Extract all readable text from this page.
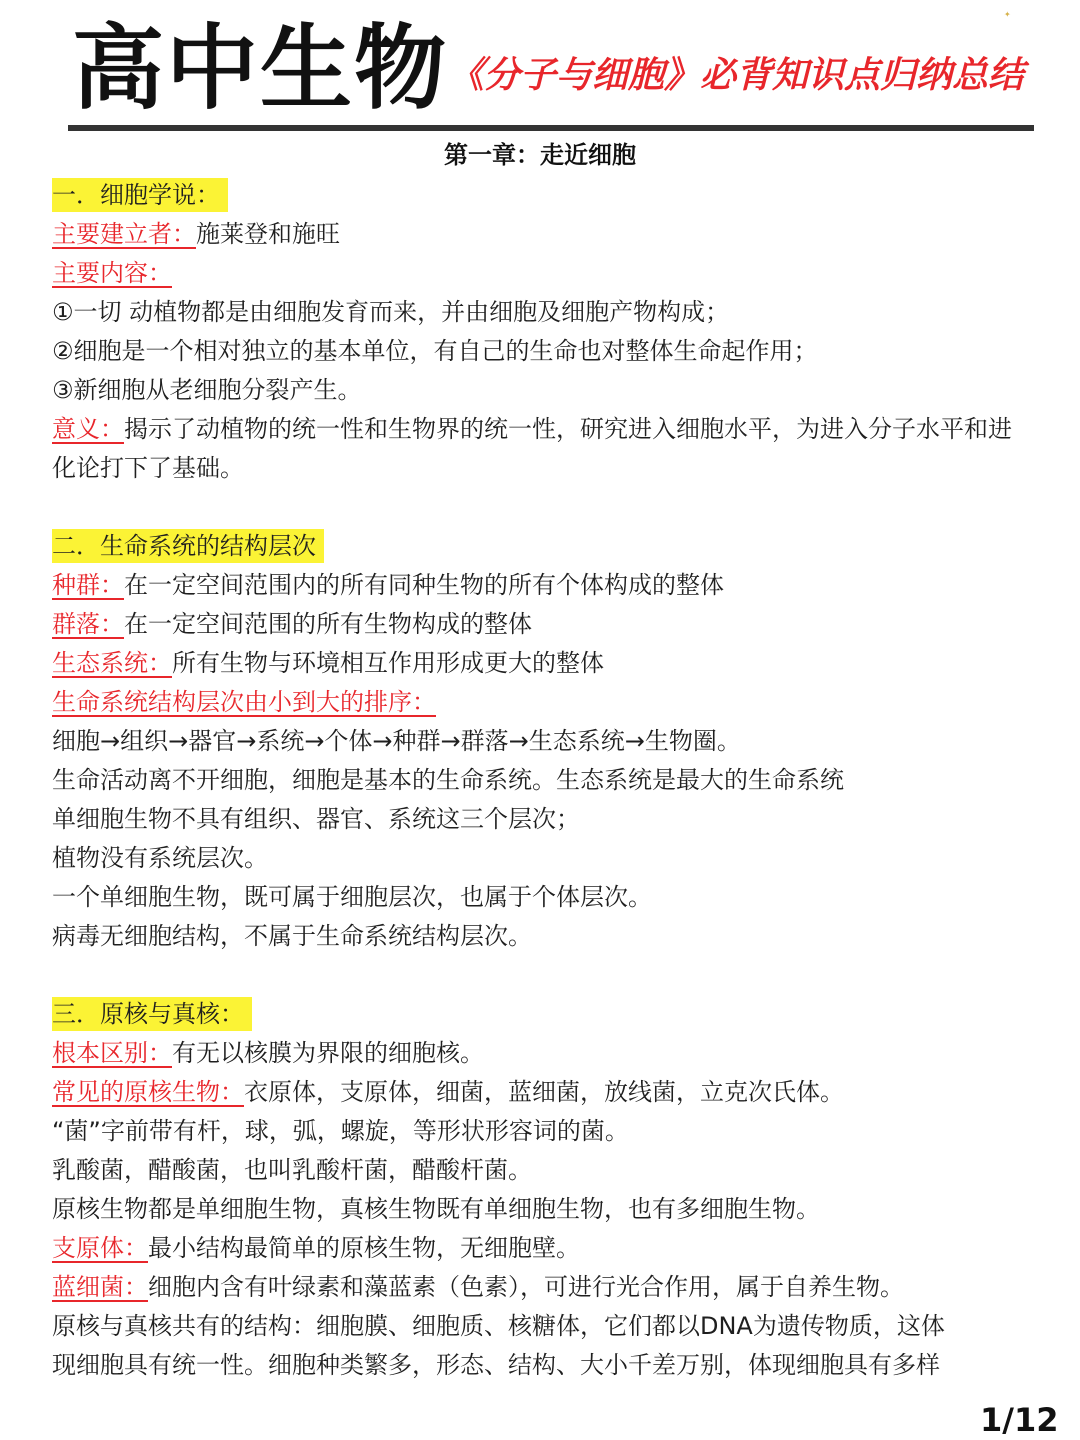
高中生物 《分子与细胞》必背知识点归纳总结
✦
第一章：走近细胞
一．细胞学说：
主要建立者：施莱登和施旺
主要内容：
①一切 动植物都是由细胞发育而来，并由细胞及细胞产物构成；
②细胞是一个相对独立的基本单位，有自己的生命也对整体生命起作用；
③新细胞从老细胞分裂产生。
意义：揭示了动植物的统一性和生物界的统一性，研究进入细胞水平，为进入分子水平和进化论打下了基础。
二．生命系统的结构层次
种群：在一定空间范围内的所有同种生物的所有个体构成的整体
群落：在一定空间范围的所有生物构成的整体
生态系统：所有生物与环境相互作用形成更大的整体
生命系统结构层次由小到大的排序：
细胞→组织→器官→系统→个体→种群→群落→生态系统→生物圈。
生命活动离不开细胞，细胞是基本的生命系统。生态系统是最大的生命系统
单细胞生物不具有组织、器官、系统这三个层次；
植物没有系统层次。
一个单细胞生物，既可属于细胞层次，也属于个体层次。
病毒无细胞结构，不属于生命系统结构层次。
三．原核与真核：
根本区别：有无以核膜为界限的细胞核。
常见的原核生物：衣原体，支原体，细菌，蓝细菌，放线菌，立克次氏体。
“菌”字前带有杆，球，弧，螺旋，等形状形容词的菌。
乳酸菌，醋酸菌，也叫乳酸杆菌，醋酸杆菌。
原核生物都是单细胞生物，真核生物既有单细胞生物，也有多细胞生物。
支原体：最小结构最简单的原核生物，无细胞壁。
蓝细菌：细胞内含有叶绿素和藻蓝素（色素），可进行光合作用，属于自养生物。
原核与真核共有的结构：细胞膜、细胞质、核糖体，它们都以DNA为遗传物质，这体
现细胞具有统一性。细胞种类繁多，形态、结构、大小千差万别，体现细胞具有多样
1/12
